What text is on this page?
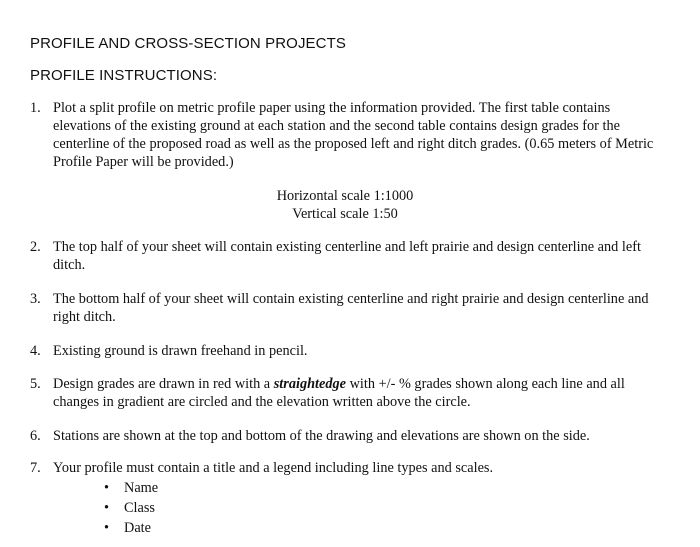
PROFILE AND CROSS-SECTION PROJECTS
PROFILE INSTRUCTIONS:
1. Plot a split profile on metric profile paper using the information provided. The first table contains elevations of the existing ground at each station and the second table contains design grades for the centerline of the proposed road as well as the proposed left and right ditch grades. (0.65 meters of Metric Profile Paper will be provided.)
Horizontal scale 1:1000
Vertical scale 1:50
2. The top half of your sheet will contain existing centerline and left prairie and design centerline and left ditch.
3. The bottom half of your sheet will contain existing centerline and right prairie and design centerline and right ditch.
4. Existing ground is drawn freehand in pencil.
5. Design grades are drawn in red with a straightedge with +/- % grades shown along each line and all changes in gradient are circled and the elevation written above the circle.
6. Stations are shown at the top and bottom of the drawing and elevations are shown on the side.
7. Your profile must contain a title and a legend including line types and scales.
• Name
• Class
• Date
